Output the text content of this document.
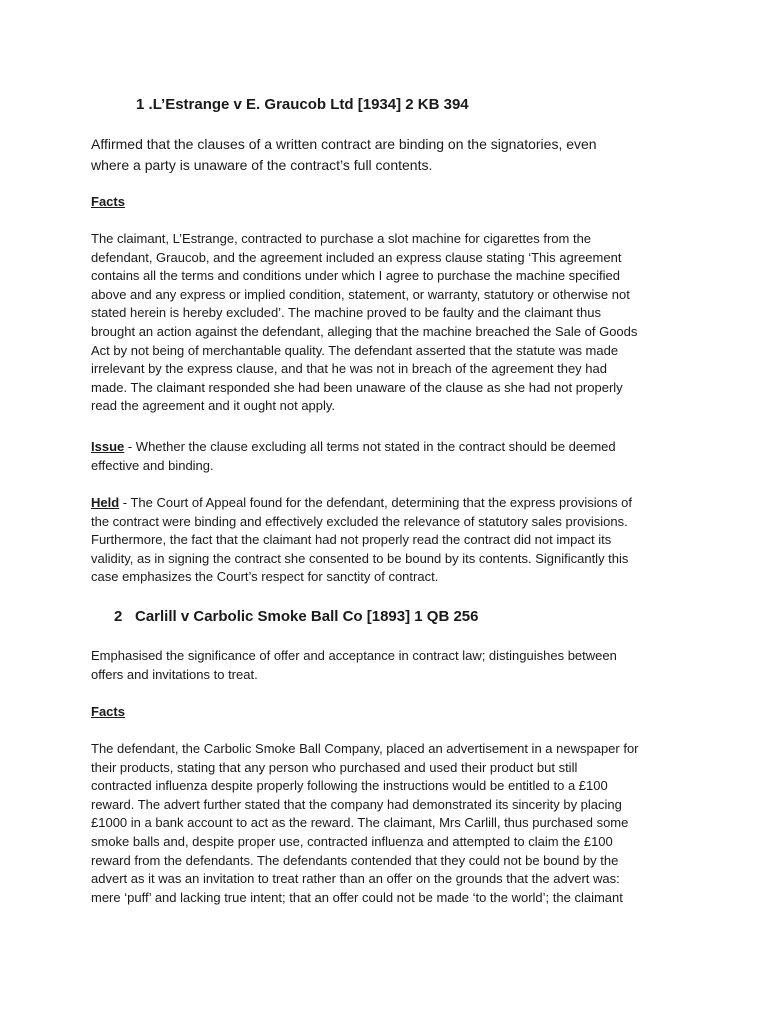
1 .L’Estrange v E. Graucob Ltd [1934] 2 KB 394
Affirmed that the clauses of a written contract are binding on the signatories, even
where a party is unaware of the contract’s full contents.
Facts
The claimant, L’Estrange, contracted to purchase a slot machine for cigarettes from the
defendant, Graucob, and the agreement included an express clause stating ‘This agreement
contains all the terms and conditions under which I agree to purchase the machine specified
above and any express or implied condition, statement, or warranty, statutory or otherwise not
stated herein is hereby excluded’. The machine proved to be faulty and the claimant thus
brought an action against the defendant, alleging that the machine breached the Sale of Goods
Act by not being of merchantable quality. The defendant asserted that the statute was made
irrelevant by the express clause, and that he was not in breach of the agreement they had
made. The claimant responded she had been unaware of the clause as she had not properly
read the agreement and it ought not apply.
Issue - Whether the clause excluding all terms not stated in the contract should be deemed
effective and binding.
Held - The Court of Appeal found for the defendant, determining that the express provisions of
the contract were binding and effectively excluded the relevance of statutory sales provisions.
Furthermore, the fact that the claimant had not properly read the contract did not impact its
validity, as in signing the contract she consented to be bound by its contents. Significantly this
case emphasizes the Court’s respect for sanctity of contract.
2 Carlill v Carbolic Smoke Ball Co [1893] 1 QB 256
Emphasised the significance of offer and acceptance in contract law; distinguishes between
offers and invitations to treat.
Facts
The defendant, the Carbolic Smoke Ball Company, placed an advertisement in a newspaper for
their products, stating that any person who purchased and used their product but still
contracted influenza despite properly following the instructions would be entitled to a £100
reward. The advert further stated that the company had demonstrated its sincerity by placing
£1000 in a bank account to act as the reward. The claimant, Mrs Carlill, thus purchased some
smoke balls and, despite proper use, contracted influenza and attempted to claim the £100
reward from the defendants. The defendants contended that they could not be bound by the
advert as it was an invitation to treat rather than an offer on the grounds that the advert was:
mere ‘puff’ and lacking true intent; that an offer could not be made ‘to the world’; the claimant
